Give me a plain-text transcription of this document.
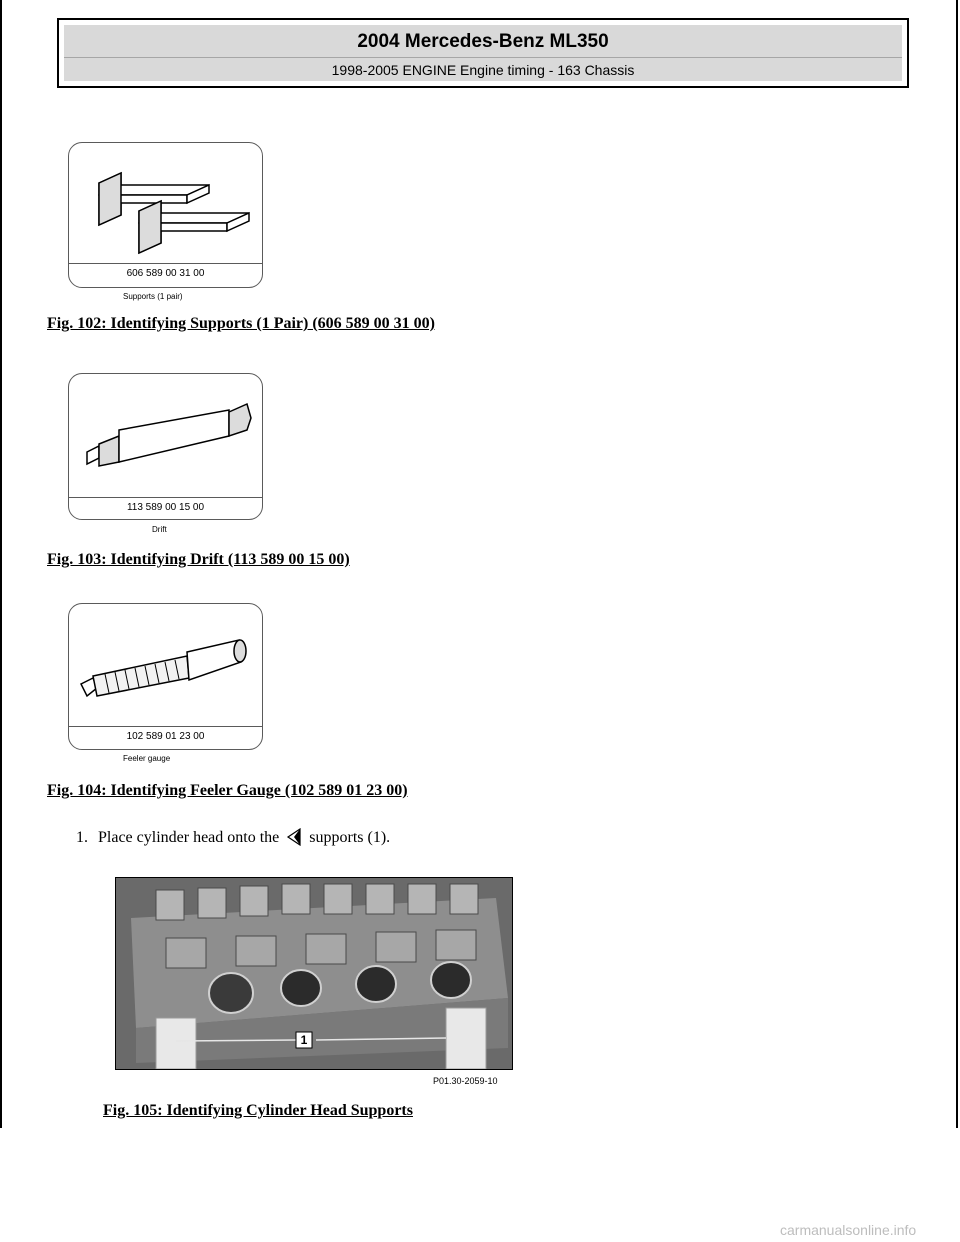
2004 Mercedes-Benz ML350
1998-2005 ENGINE Engine timing - 163 Chassis
606 589 00 31 00
Supports (1 pair)
Fig. 102: Identifying Supports (1 Pair) (606 589 00 31 00)
113 589 00 15 00
Drift
Fig. 103: Identifying Drift (113 589 00 15 00)
102 589 01 23 00
Feeler gauge
Fig. 104: Identifying Feeler Gauge (102 589 01 23 00)
1. Place cylinder head onto the supports (1).
1
P01.30-2059-10
Fig. 105: Identifying Cylinder Head Supports
carmanualsonline.info
